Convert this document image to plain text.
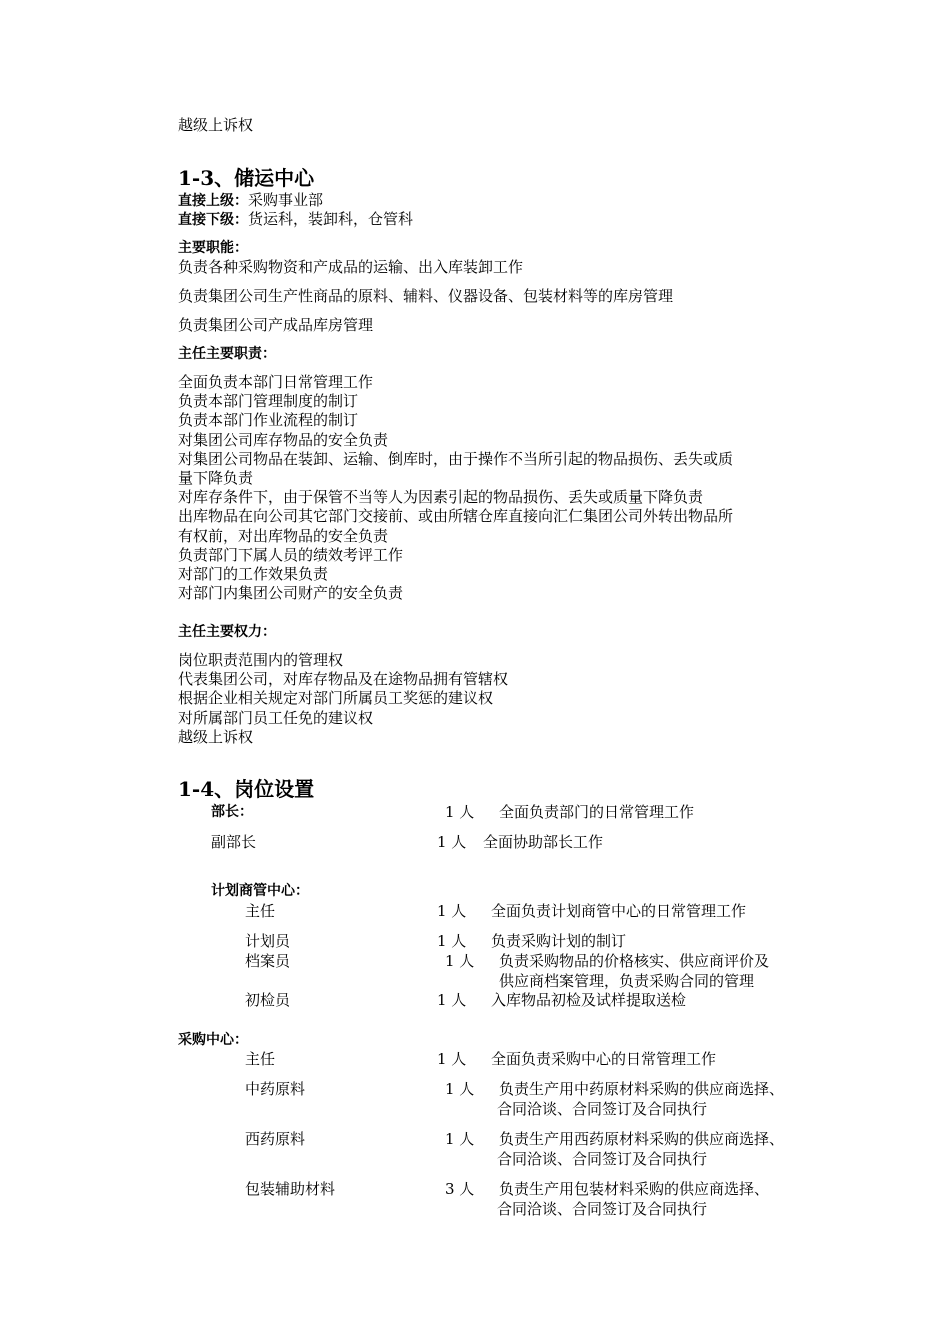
越级上诉权
1-3、储运中心
直接上级：采购事业部
直接下级：货运科，装卸科，仓管科
主要职能：
负责各种采购物资和产成品的运输、出入库装卸工作
负责集团公司生产性商品的原料、辅料、仪器设备、包装材料等的库房管理
负责集团公司产成品库房管理
主任主要职责：
全面负责本部门日常管理工作
负责本部门管理制度的制订
负责本部门作业流程的制订
对集团公司库存物品的安全负责
对集团公司物品在装卸、运输、倒库时，由于操作不当所引起的物品损伤、丢失或质
量下降负责
对库存条件下，由于保管不当等人为因素引起的物品损伤、丢失或质量下降负责
出库物品在向公司其它部门交接前、或由所辖仓库直接向汇仁集团公司外转出物品所
有权前，对出库物品的安全负责
负责部门下属人员的绩效考评工作
对部门的工作效果负责
对部门内集团公司财产的安全负责
主任主要权力：
岗位职责范围内的管理权
代表集团公司，对库存物品及在途物品拥有管辖权
根据企业相关规定对部门所属员工奖惩的建议权
对所属部门员工任免的建议权
越级上诉权
1-4、岗位设置
部长：	1 人 全面负责部门的日常管理工作
副部长	1 人 全面协助部长工作
计划商管中心：
主任	1 人 全面负责计划商管中心的日常管理工作
计划员	1 人 负责采购计划的制订
档案员	1 人 负责采购物品的价格核实、供应商评价及
供应商档案管理，负责采购合同的管理
初检员	1 人 入库物品初检及试样提取送检
采购中心：
主任	1 人 全面负责采购中心的日常管理工作
中药原料	1 人 负责生产用中药原材料采购的供应商选择、
合同洽谈、合同签订及合同执行
西药原料	1 人 负责生产用西药原材料采购的供应商选择、
合同洽谈、合同签订及合同执行
包装辅助材料	3 人 负责生产用包装材料采购的供应商选择、
合同洽谈、合同签订及合同执行
